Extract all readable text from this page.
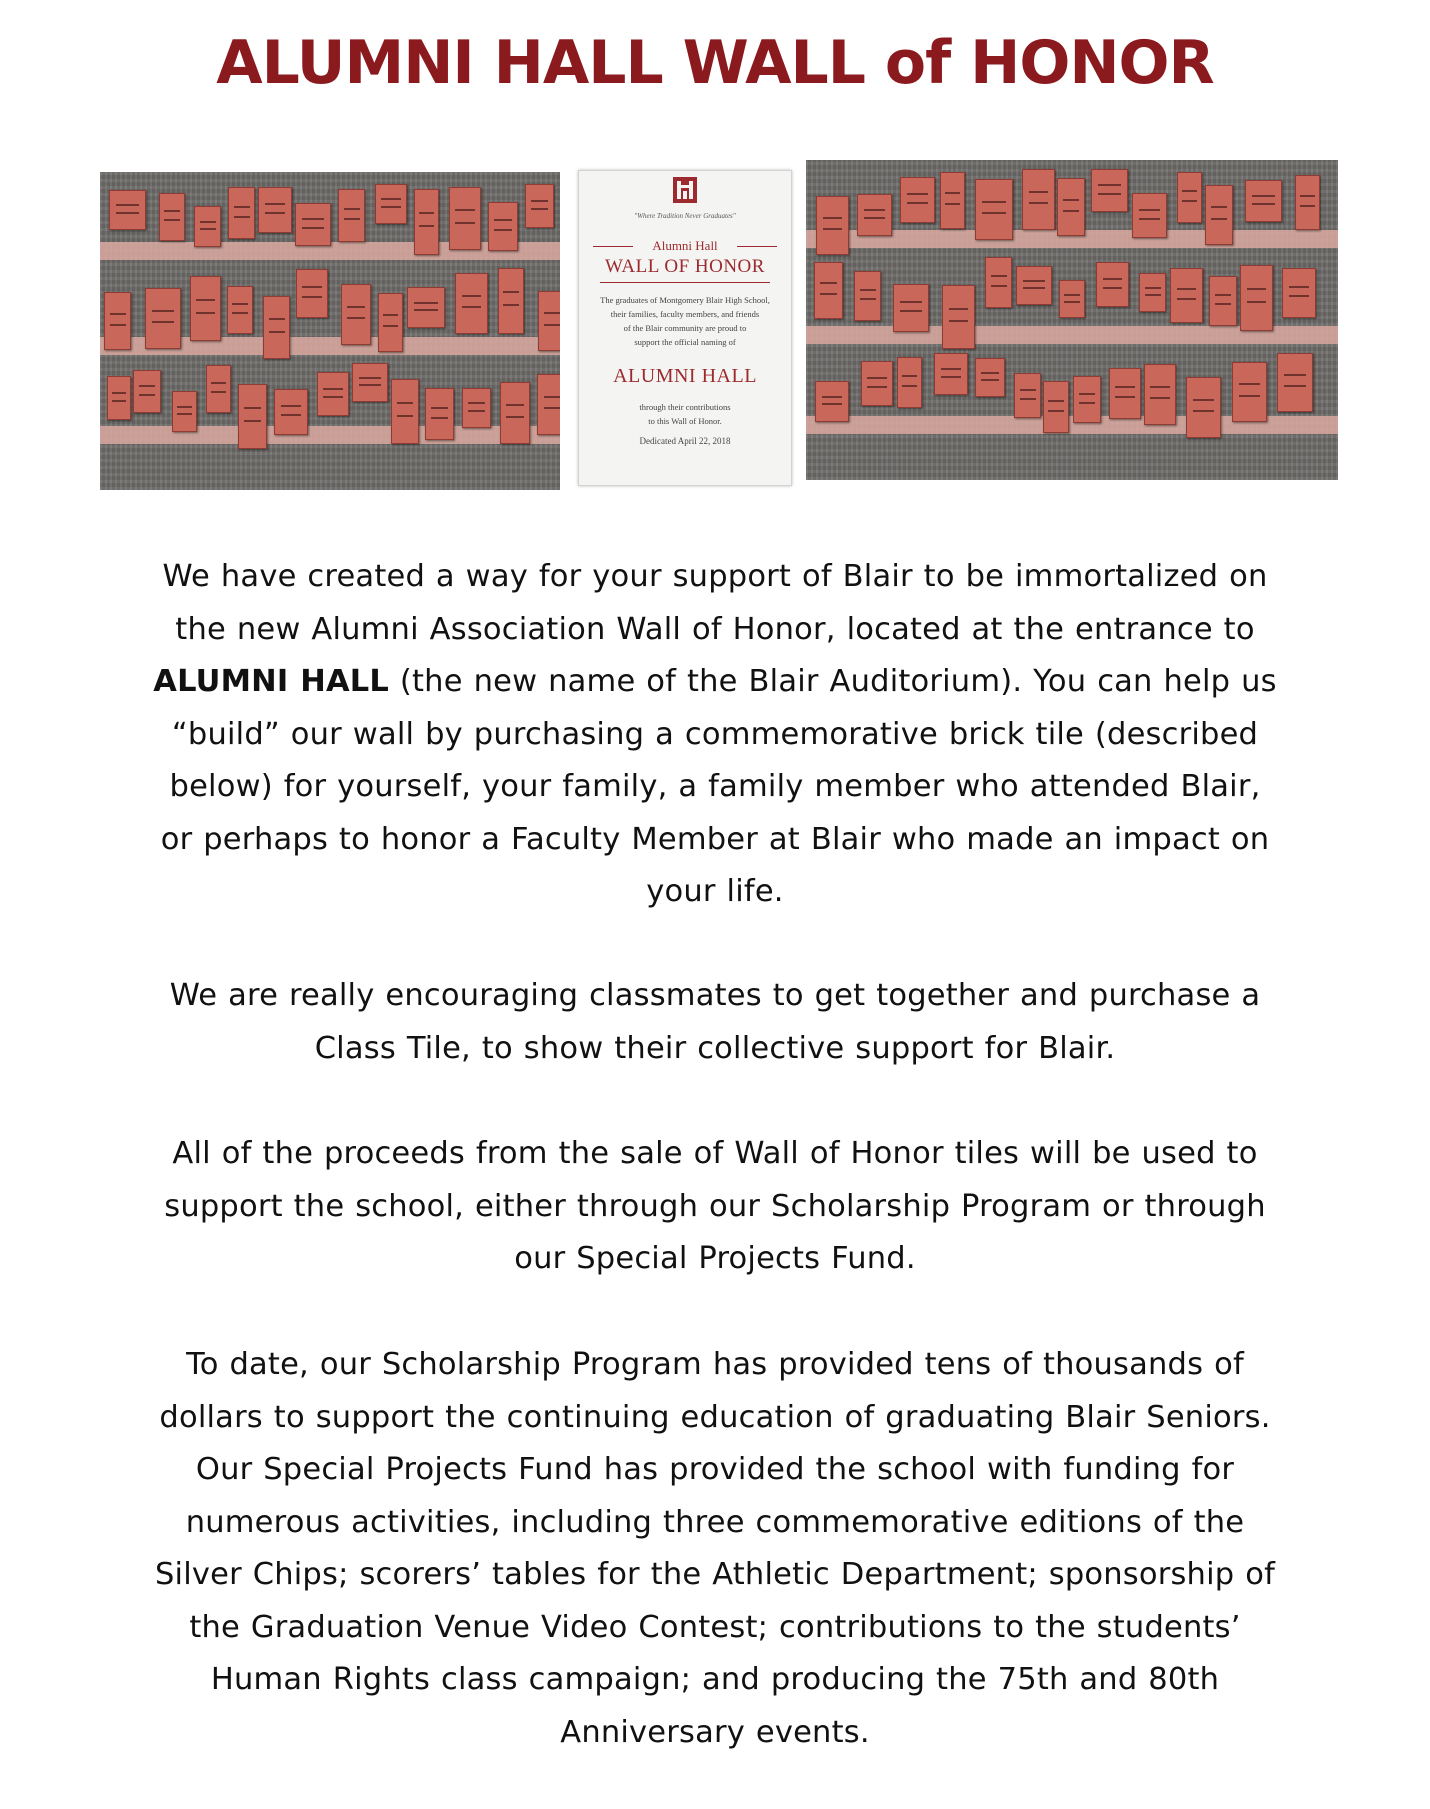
ALUMNI HALL WALL of HONOR
"Where Tradition Never Graduates"
Alumni Hall
WALL OF HONOR
The graduates of Montgomery Blair High School,
their families, faculty members, and friends
of the Blair community are proud to
support the official naming of
ALUMNI HALL
through their contributions
to this Wall of Honor.
Dedicated April 22, 2018
We have created a way for your support of Blair to be immortalized on
the new Alumni Association Wall of Honor, located at the entrance to
ALUMNI HALL (the new name of the Blair Auditorium). You can help us
“build” our wall by purchasing a commemorative brick tile (described
below) for yourself, your family, a family member who attended Blair,
or perhaps to honor a Faculty Member at Blair who made an impact on
your life.
We are really encouraging classmates to get together and purchase a
Class Tile, to show their collective support for Blair.
All of the proceeds from the sale of Wall of Honor tiles will be used to
support the school, either through our Scholarship Program or through
our Special Projects Fund.
To date, our Scholarship Program has provided tens of thousands of
dollars to support the continuing education of graduating Blair Seniors.
Our Special Projects Fund has provided the school with funding for
numerous activities, including three commemorative editions of the
Silver Chips; scorers’ tables for the Athletic Department; sponsorship of
the Graduation Venue Video Contest; contributions to the students’
Human Rights class campaign; and producing the 75th and 80th
Anniversary events.
